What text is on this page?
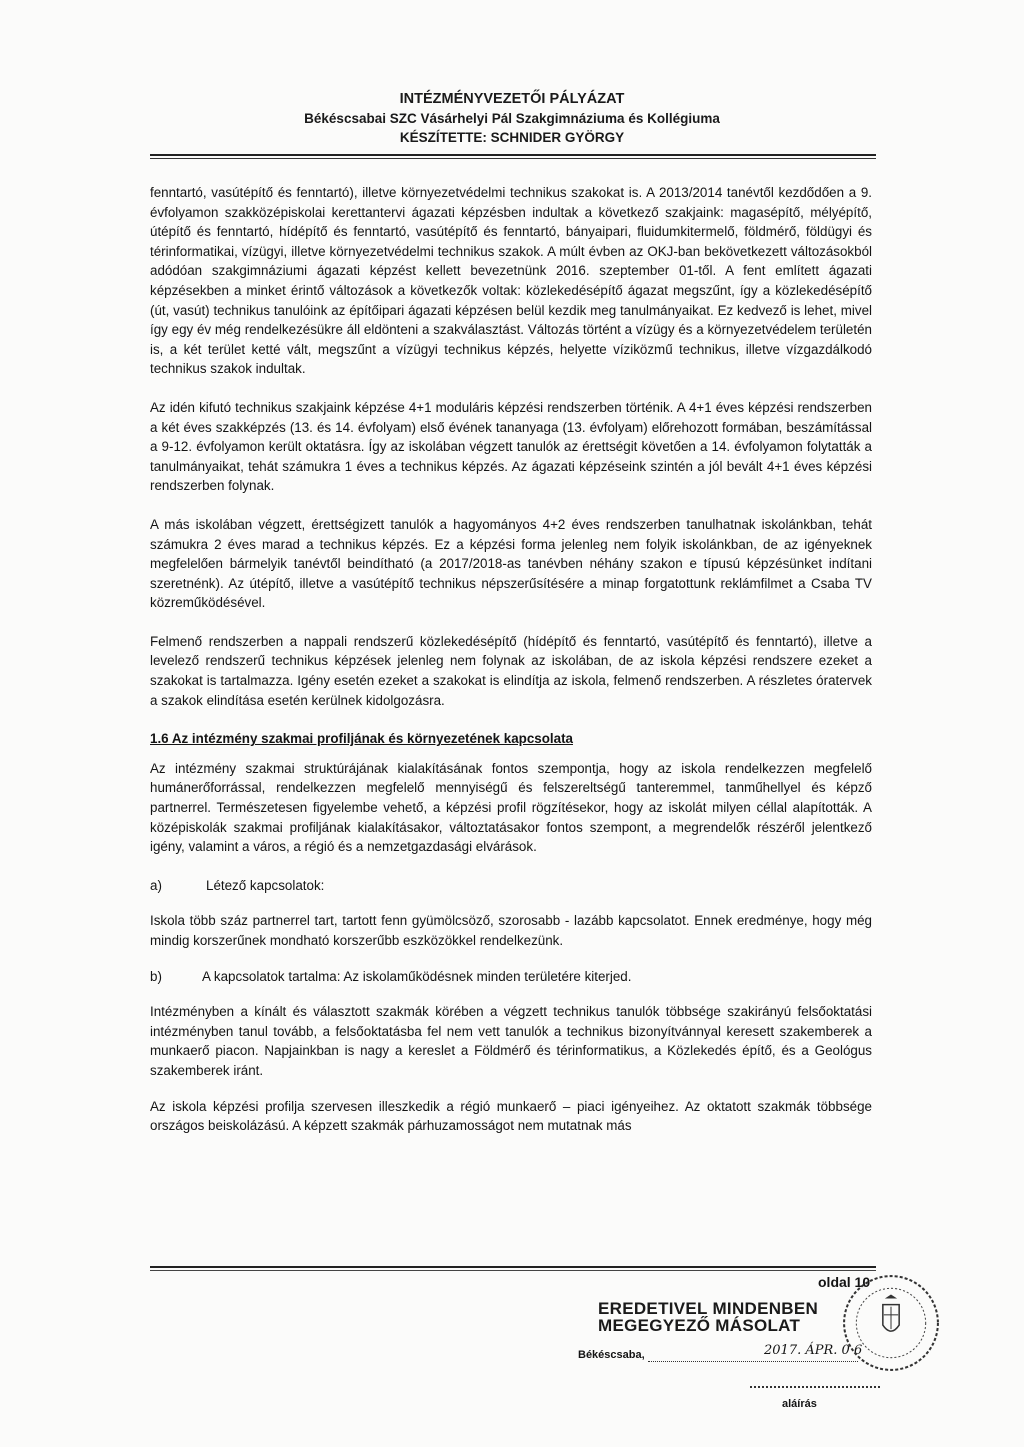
INTÉZMÉNYVEZETŐI PÁLYÁZAT
Békéscsabai SZC Vásárhelyi Pál Szakgimnáziuma és Kollégiuma
KÉSZÍTETTE: SCHNIDER GYÖRGY

fenntartó, vasútépítő és fenntartó), illetve környezetvédelmi technikus szakokat is. A 2013/2014 tanévtől kezdődően a 9. évfolyamon szakközépiskolai kerettantervi ágazati képzésben indultak a következő szakjaink: magasépítő, mélyépítő, útépítő és fenntartó, hídépítő és fenntartó, vasútépítő és fenntartó, bányaipari, fluidumkitermelő, földmérő, földügyi és térinformatikai, vízügyi, illetve környezetvédelmi technikus szakok. A múlt évben az OKJ-ban bekövetkezett változásokból adódóan szakgimnáziumi ágazati képzést kellett bevezetnünk 2016. szeptember 01-től. A fent említett ágazati képzésekben a minket érintő változások a következők voltak: közlekedésépítő ágazat megszűnt, így a közlekedésépítő (út, vasút) technikus tanulóink az építőipari ágazati képzésen belül kezdik meg tanulmányaikat. Ez kedvező is lehet, mivel így egy év még rendelkezésükre áll eldönteni a szakválasztást. Változás történt a vízügy és a környezetvédelem területén is, a két terület ketté vált, megszűnt a vízügyi technikus képzés, helyette víziközmű technikus, illetve vízgazdálkodó technikus szakok indultak.

Az idén kifutó technikus szakjaink képzése 4+1 moduláris képzési rendszerben történik. A 4+1 éves képzési rendszerben a két éves szakképzés (13. és 14. évfolyam) első évének tananyaga (13. évfolyam) előrehozott formában, beszámítással a 9-12. évfolyamon került oktatásra. Így az iskolában végzett tanulók az érettségit követően a 14. évfolyamon folytatták a tanulmányaikat, tehát számukra 1 éves a technikus képzés. Az ágazati képzéseink szintén a jól bevált 4+1 éves képzési rendszerben folynak.

A más iskolában végzett, érettségizett tanulók a hagyományos 4+2 éves rendszerben tanulhatnak iskolánkban, tehát számukra 2 éves marad a technikus képzés. Ez a képzési forma jelenleg nem folyik iskolánkban, de az igényeknek megfelelően bármelyik tanévtől beindítható (a 2017/2018-as tanévben néhány szakon e típusú képzésünket indítani szeretnénk). Az útépítő, illetve a vasútépítő technikus népszerűsítésére a minap forgatottunk reklámfilmet a Csaba TV közreműködésével.

Felmenő rendszerben a nappali rendszerű közlekedésépítő (hídépítő és fenntartó, vasútépítő és fenntartó), illetve a levelező rendszerű technikus képzések jelenleg nem folynak az iskolában, de az iskola képzési rendszere ezeket a szakokat is tartalmazza. Igény esetén ezeket a szakokat is elindítja az iskola, felmenő rendszerben. A részletes óratervek a szakok elindítása esetén kerülnek kidolgozásra.

1.6 Az intézmény szakmai profiljának és környezetének kapcsolata

Az intézmény szakmai struktúrájának kialakításának fontos szempontja, hogy az iskola rendelkezzen megfelelő humánerőforrással, rendelkezzen megfelelő mennyiségű és felszereltségű tanteremmel, tanműhellyel és képző partnerrel. Természetesen figyelembe vehető, a képzési profil rögzítésekor, hogy az iskolát milyen céllal alapították. A középiskolák szakmai profiljának kialakításakor, változtatásakor fontos szempont, a megrendelők részéről jelentkező igény, valamint a város, a régió és a nemzetgazdasági elvárások.

a)	Létező kapcsolatok:

Iskola több száz partnerrel tart, tartott fenn gyümölcsöző, szorosabb - lazább kapcsolatot. Ennek eredménye, hogy még mindig korszerűnek mondható korszerűbb eszközökkel rendelkezünk.

b)	A kapcsolatok tartalma: Az iskolaműködésnek minden területére kiterjed.

Intézményben a kínált és választott szakmák körében a végzett technikus tanulók többsége szakirányú felsőoktatási intézményben tanul tovább, a felsőoktatásba fel nem vett tanulók a technikus bizonyítvánnyal keresett szakemberek a munkaerő piacon. Napjainkban is nagy a kereslet a Földmérő és térinformatikus, a Közlekedés építő, és a Geológus szakemberek iránt.

Az iskola képzési profilja szervesen illeszkedik a régió munkaerő – piaci igényeihez. Az oktatott szakmák többsége országos beiskolázású. A képzett szakmák párhuzamosságot nem mutatnak más

oldal 10
EREDETIVEL MINDENBEN
MEGEGYEZŐ MÁSOLAT
Békéscsaba,	2017. ÁPR. 0 6
aláírás
